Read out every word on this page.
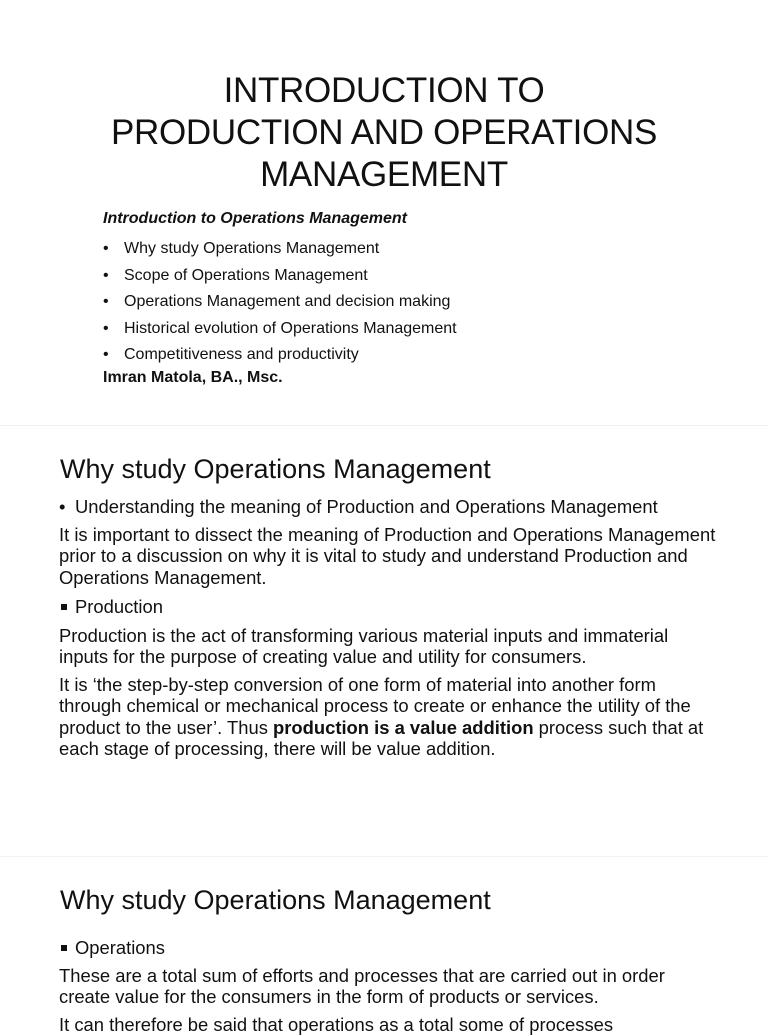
INTRODUCTION TO
PRODUCTION AND OPERATIONS
MANAGEMENT
Introduction to Operations Management
• Why study Operations Management
• Scope of Operations Management
• Operations Management and decision making
• Historical evolution of Operations Management
• Competitiveness and productivity
Imran Matola, BA., Msc.
Why study Operations Management
• Understanding the meaning of Production and Operations Management

It is important to dissect the meaning of Production and Operations Management prior to a discussion on why it is vital to study and understand Production and Operations Management.

Production

Production is the act of transforming various material inputs and immaterial inputs for the purpose of creating value and utility for consumers.

It is ‘the step-by-step conversion of one form of material into another form through chemical or mechanical process to create or enhance the utility of the product to the user’. Thus production is a value addition process such that at each stage of processing, there will be value addition.

Why study Operations Management

Operations

These are a total sum of efforts and processes that are carried out in order create value for the consumers in the form of products or services.

It can therefore be said that operations as a total some of processes
